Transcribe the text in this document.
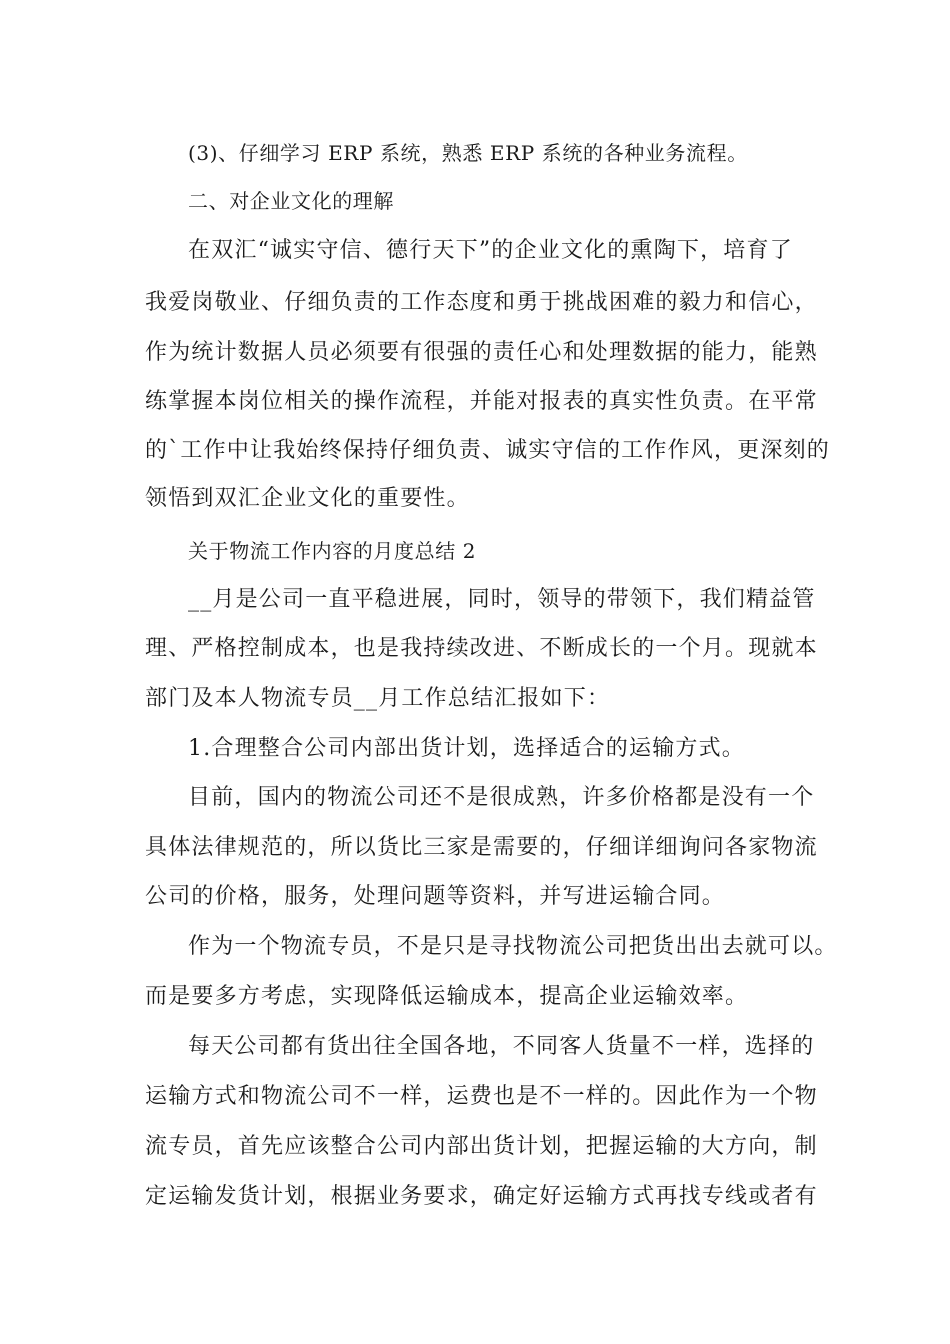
(3)、仔细学习 ERP 系统，熟悉 ERP 系统的各种业务流程。
二、对企业文化的理解
在双汇“诚实守信、德行天下”的企业文化的熏陶下，培育了
我爱岗敬业、仔细负责的工作态度和勇于挑战困难的毅力和信心，
作为统计数据人员必须要有很强的责任心和处理数据的能力，能熟
练掌握本岗位相关的操作流程，并能对报表的真实性负责。在平常
的`工作中让我始终保持仔细负责、诚实守信的工作作风，更深刻的
领悟到双汇企业文化的重要性。
关于物流工作内容的月度总结 2
__月是公司一直平稳进展，同时，领导的带领下，我们精益管
理、严格控制成本，也是我持续改进、不断成长的一个月。现就本
部门及本人物流专员__月工作总结汇报如下：
1.合理整合公司内部出货计划，选择适合的运输方式。
目前，国内的物流公司还不是很成熟，许多价格都是没有一个
具体法律规范的，所以货比三家是需要的，仔细详细询问各家物流
公司的价格，服务，处理问题等资料，并写进运输合同。
作为一个物流专员，不是只是寻找物流公司把货出出去就可以。
而是要多方考虑，实现降低运输成本，提高企业运输效率。
每天公司都有货出往全国各地，不同客人货量不一样，选择的
运输方式和物流公司不一样，运费也是不一样的。因此作为一个物
流专员，首先应该整合公司内部出货计划，把握运输的大方向，制
定运输发货计划，根据业务要求，确定好运输方式再找专线或者有
